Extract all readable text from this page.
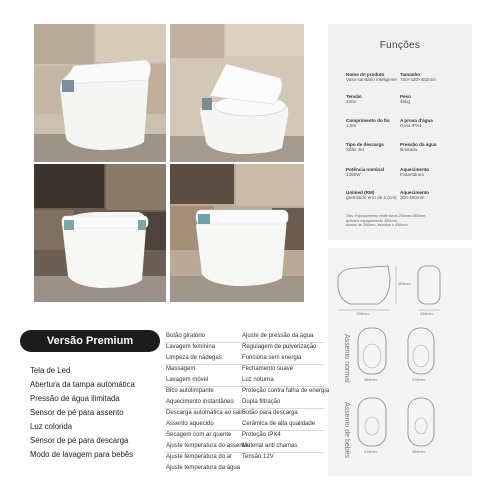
Funções
Nome do produto
Vaso sanitário inteligente
Tamanho
700×430×483mm
Tensão
220v
Peso
45kg
Comprimento do fio
1,5m
A prova d'água
Grau IPX4
Tipo de descarga
Sifão Jet
Pressão da água
Ilimitada
Potência nominal
1350W
Aquecimento
Instantâneo
Unimed (RM)
(permitido erro de 1 (cm)
Aquecimento
300-400mm
Obs: Espaçamento entre furos 290mm-580mm
acima e espaçamento 300mm.
Acima de 390mm, escolha o 490mm.
700mm	430mm
483mm
360mm	370mm
415mm	350mm
Assento normal
Assento de bebês
Versão Premium
Tela de Led
Abertura da tampa automática
Pressão de água ilimitada
Sensor de pé para assento
Luz colorida
Sensor de pé para descarga
Modo de lavagem para bebês
Botão giratório
Lavagem feminina
Limpeza de nádegas
Massagem
Lavagem móvel
Bico autolimpante
Aquecimento instantâneo
Descarga automática ao sair
Assento aquecido
Secagem com ar quente
Ajuste temperatura do assento
Ajuste temperatura do ar
Ajuste temperatura da água
Ajuste de pressão da água
Regulagem de pulverização
Funciona sem energia
Fechamento suave
Luz noturna
Proteção contra falha de energia
Dupla filtração
Botão para descarga
Cerâmica de alta qualidade
Proteção IPX4
Material anti chamas
Tensão 12V
